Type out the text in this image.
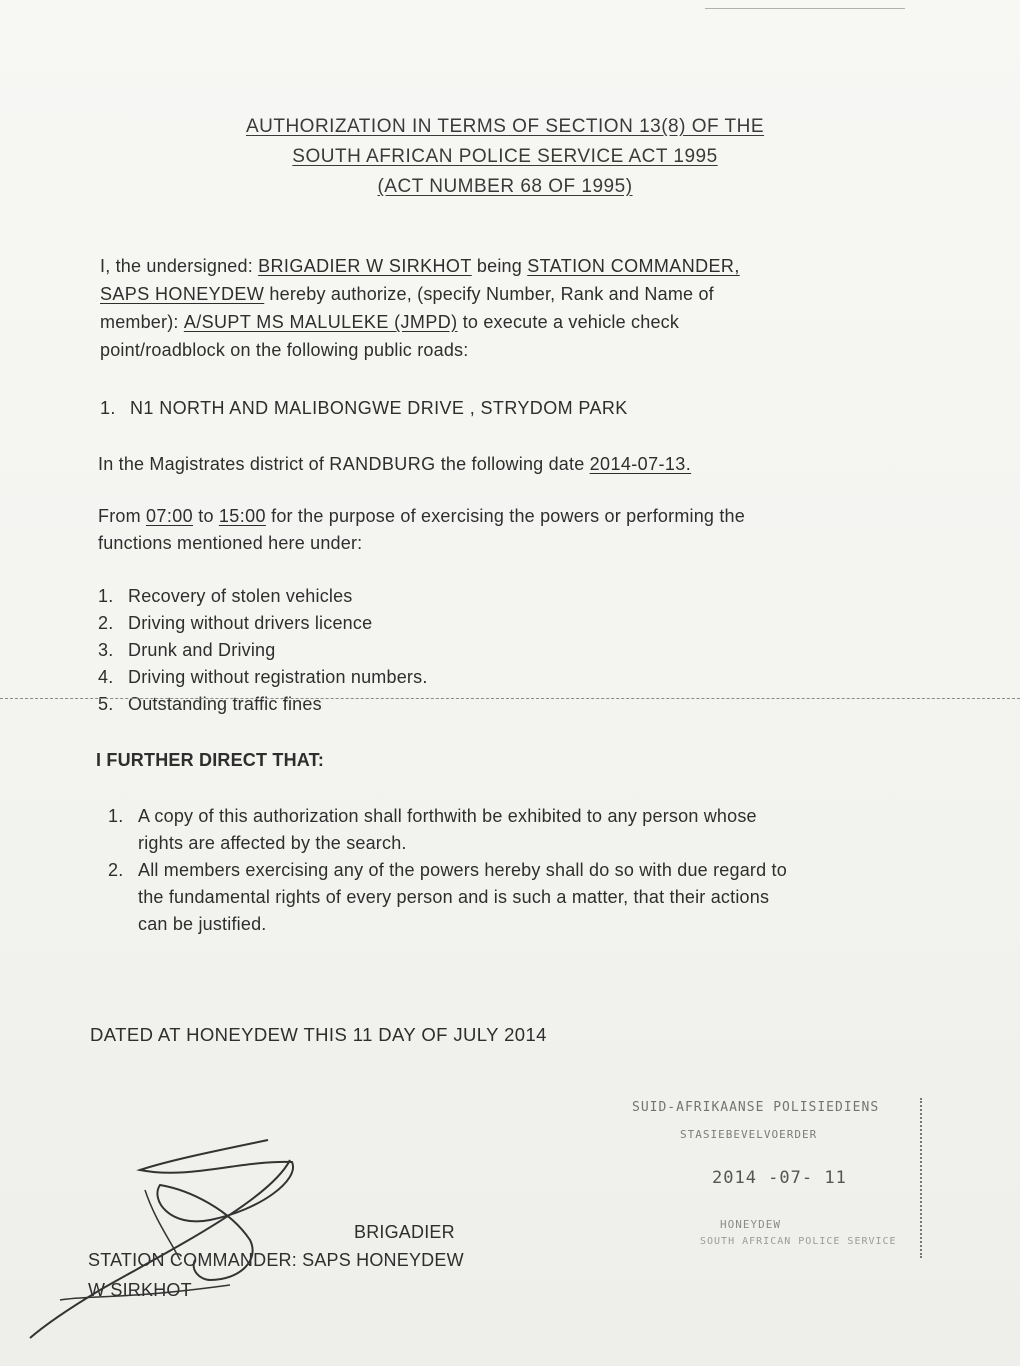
AUTHORIZATION IN TERMS OF SECTION 13(8) OF THE
SOUTH AFRICAN POLICE SERVICE ACT 1995
(ACT NUMBER 68 OF 1995)
I, the undersigned: BRIGADIER W SIRKHOT being STATION COMMANDER,
SAPS HONEYDEW hereby authorize, (specify Number, Rank and Name of
member): A/SUPT MS MALULEKE (JMPD) to execute a vehicle check
point/roadblock on the following public roads:
1. N1 NORTH AND MALIBONGWE DRIVE , STRYDOM PARK
In the Magistrates district of RANDBURG the following date 2014-07-13.
From 07:00 to 15:00 for the purpose of exercising the powers or performing the
functions mentioned here under:
1. Recovery of stolen vehicles
2. Driving without drivers licence
3. Drunk and Driving
4. Driving without registration numbers.
5. Outstanding traffic fines
I FURTHER DIRECT THAT:
1. A copy of this authorization shall forthwith be exhibited to any person whose
rights are affected by the search.
2. All members exercising any of the powers hereby shall do so with due regard to
the fundamental rights of every person and is such a matter, that their actions
can be justified.
DATED AT HONEYDEW THIS 11 DAY OF JULY 2014
SUID-AFRIKAANSE POLISIEDIENS
STASIEBEVELVOERDER
2014 -07- 11
HONEYDEW
SOUTH AFRICAN POLICE SERVICE
BRIGADIER
STATION COMMANDER: SAPS HONEYDEW
W SIRKHOT
